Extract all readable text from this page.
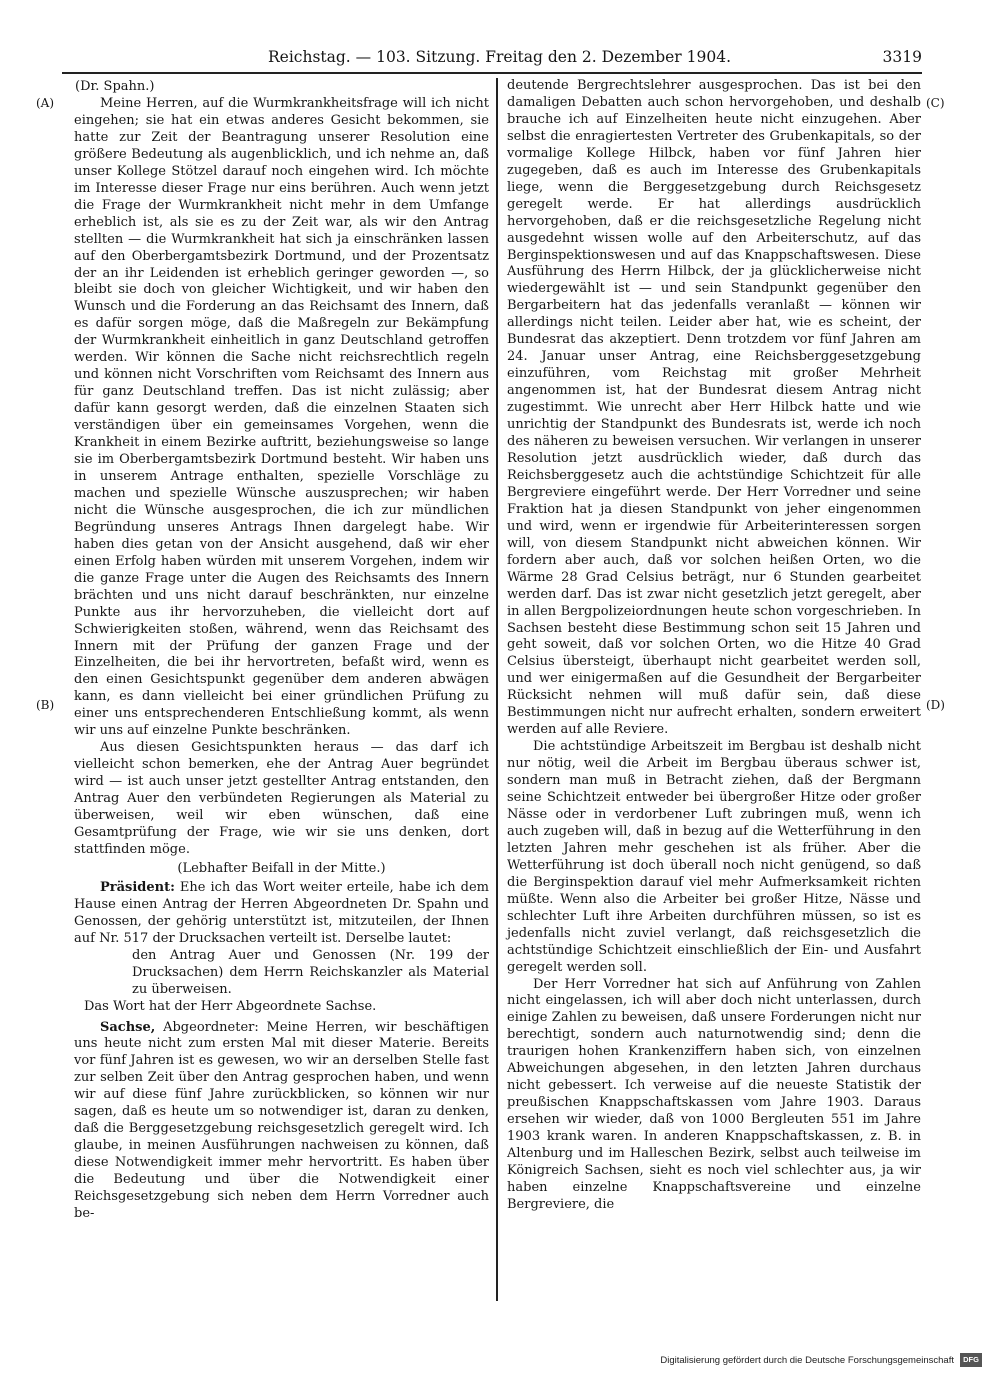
Reichstag. — 103. Sitzung. Freitag den 2. Dezember 1904.	3319
(A)
(B)
(C)
(D)
(Dr. Spahn.)

Meine Herren, auf die Wurmkrankheitsfrage will ich nicht eingehen; sie hat ein etwas anderes Gesicht bekommen, sie hatte zur Zeit der Beantragung unserer Resolution eine größere Bedeutung als augenblicklich, und ich nehme an, daß unser Kollege Stötzel darauf noch eingehen wird. Ich möchte im Interesse dieser Frage nur eins berühren. Auch wenn jetzt die Frage der Wurmkrankheit nicht mehr in dem Umfange erheblich ist, als sie es zu der Zeit war, als wir den Antrag stellten — die Wurmkrankheit hat sich ja einschränken lassen auf den Oberbergamtsbezirk Dortmund, und der Prozentsatz der an ihr Leidenden ist erheblich geringer geworden —, so bleibt sie doch von gleicher Wichtigkeit, und wir haben den Wunsch und die Forderung an das Reichsamt des Innern, daß es dafür sorgen möge, daß die Maßregeln zur Bekämpfung der Wurmkrankheit einheitlich in ganz Deutschland getroffen werden. Wir können die Sache nicht reichsrechtlich regeln und können nicht Vorschriften vom Reichsamt des Innern aus für ganz Deutschland treffen. Das ist nicht zulässig; aber dafür kann gesorgt werden, daß die einzelnen Staaten sich verständigen über ein gemeinsames Vorgehen, wenn die Krankheit in einem Bezirke auftritt, beziehungsweise so lange sie im Oberbergamtsbezirk Dortmund besteht. Wir haben uns in unserem Antrage enthalten, spezielle Vorschläge zu machen und spezielle Wünsche auszusprechen; wir haben nicht die Wünsche ausgesprochen, die ich zur mündlichen Begründung unseres Antrags Ihnen dargelegt habe. Wir haben dies getan von der Ansicht ausgehend, daß wir eher einen Erfolg haben würden mit unserem Vorgehen, indem wir die ganze Frage unter die Augen des Reichsamts des Innern brächten und uns nicht darauf beschränkten, nur einzelne Punkte aus ihr hervorzuheben, die vielleicht dort auf Schwierigkeiten stoßen, während, wenn das Reichsamt des Innern mit der Prüfung der ganzen Frage und der Einzelheiten, die bei ihr hervortreten, befaßt wird, wenn es den einen Gesichtspunkt gegenüber dem anderen abwägen kann, es dann vielleicht bei einer gründlichen Prüfung zu einer uns entsprechenderen Entschließung kommt, als wenn wir uns auf einzelne Punkte beschränken.

Aus diesen Gesichtspunkten heraus — das darf ich vielleicht schon bemerken, ehe der Antrag Auer begründet wird — ist auch unser jetzt gestellter Antrag entstanden, den Antrag Auer den verbündeten Regierungen als Material zu überweisen, weil wir eben wünschen, daß eine Gesamtprüfung der Frage, wie wir sie uns denken, dort stattfinden möge.

(Lebhafter Beifall in der Mitte.)

Präsident: Ehe ich das Wort weiter erteile, habe ich dem Hause einen Antrag der Herren Abgeordneten Dr. Spahn und Genossen, der gehörig unterstützt ist, mitzuteilen, der Ihnen auf Nr. 517 der Drucksachen verteilt ist. Derselbe lautet:

den Antrag Auer und Genossen (Nr. 199 der Drucksachen) dem Herrn Reichskanzler als Material zu überweisen.

Das Wort hat der Herr Abgeordnete Sachse.

Sachse, Abgeordneter: Meine Herren, wir beschäftigen uns heute nicht zum ersten Mal mit dieser Materie. Bereits vor fünf Jahren ist es gewesen, wo wir an derselben Stelle fast zur selben Zeit über den Antrag gesprochen haben, und wenn wir auf diese fünf Jahre zurückblicken, so können wir nur sagen, daß es heute um so notwendiger ist, daran zu denken, daß die Berggesetzgebung reichsgesetzlich geregelt wird. Ich glaube, in meinen Ausführungen nachweisen zu können, daß diese Notwendigkeit immer mehr hervortritt. Es haben über die Bedeutung und über die Notwendigkeit einer Reichsgesetzgebung sich neben dem Herrn Vorredner auch be-

deutende Bergrechtslehrer ausgesprochen. Das ist bei den damaligen Debatten auch schon hervorgehoben, und deshalb brauche ich auf Einzelheiten heute nicht einzugehen. Aber selbst die enragiertesten Vertreter des Grubenkapitals, so der vormalige Kollege Hilbck, haben vor fünf Jahren hier zugegeben, daß es auch im Interesse des Grubenkapitals liege, wenn die Berggesetzgebung durch Reichsgesetz geregelt werde. Er hat allerdings ausdrücklich hervorgehoben, daß er die reichsgesetzliche Regelung nicht ausgedehnt wissen wolle auf den Arbeiterschutz, auf das Berginspektionswesen und auf das Knappschaftswesen. Diese Ausführung des Herrn Hilbck, der ja glücklicherweise nicht wiedergewählt ist — und sein Standpunkt gegenüber den Bergarbeitern hat das jedenfalls veranlaßt — können wir allerdings nicht teilen. Leider aber hat, wie es scheint, der Bundesrat das akzeptiert. Denn trotzdem vor fünf Jahren am 24. Januar unser Antrag, eine Reichsberggesetzgebung einzuführen, vom Reichstag mit großer Mehrheit angenommen ist, hat der Bundesrat diesem Antrag nicht zugestimmt. Wie unrecht aber Herr Hilbck hatte und wie unrichtig der Standpunkt des Bundesrats ist, werde ich noch des näheren zu beweisen versuchen. Wir verlangen in unserer Resolution jetzt ausdrücklich wieder, daß durch das Reichsberggesetz auch die achtstündige Schichtzeit für alle Bergreviere eingeführt werde. Der Herr Vorredner und seine Fraktion hat ja diesen Standpunkt von jeher eingenommen und wird, wenn er irgendwie für Arbeiterinteressen sorgen will, von diesem Standpunkt nicht abweichen können. Wir fordern aber auch, daß vor solchen heißen Orten, wo die Wärme 28 Grad Celsius beträgt, nur 6 Stunden gearbeitet werden darf. Das ist zwar nicht gesetzlich jetzt geregelt, aber in allen Bergpolizeiordnungen heute schon vorgeschrieben. In Sachsen besteht diese Bestimmung schon seit 15 Jahren und geht soweit, daß vor solchen Orten, wo die Hitze 40 Grad Celsius übersteigt, überhaupt nicht gearbeitet werden soll, und wer einigermaßen auf die Gesundheit der Bergarbeiter Rücksicht nehmen will muß dafür sein, daß diese Bestimmungen nicht nur aufrecht erhalten, sondern erweitert werden auf alle Reviere.

Die achtstündige Arbeitszeit im Bergbau ist deshalb nicht nur nötig, weil die Arbeit im Bergbau überaus schwer ist, sondern man muß in Betracht ziehen, daß der Bergmann seine Schichtzeit entweder bei übergroßer Hitze oder großer Nässe oder in verdorbener Luft zubringen muß, wenn ich auch zugeben will, daß in bezug auf die Wetterführung in den letzten Jahren mehr geschehen ist als früher. Aber die Wetterführung ist doch überall noch nicht genügend, so daß die Berginspektion darauf viel mehr Aufmerksamkeit richten müßte. Wenn also die Arbeiter bei großer Hitze, Nässe und schlechter Luft ihre Arbeiten durchführen müssen, so ist es jedenfalls nicht zuviel verlangt, daß reichsgesetzlich die achtstündige Schichtzeit einschließlich der Ein- und Ausfahrt geregelt werden soll.

Der Herr Vorredner hat sich auf Anführung von Zahlen nicht eingelassen, ich will aber doch nicht unterlassen, durch einige Zahlen zu beweisen, daß unsere Forderungen nicht nur berechtigt, sondern auch naturnotwendig sind; denn die traurigen hohen Krankenziffern haben sich, von einzelnen Abweichungen abgesehen, in den letzten Jahren durchaus nicht gebessert. Ich verweise auf die neueste Statistik der preußischen Knappschaftskassen vom Jahre 1903. Daraus ersehen wir wieder, daß von 1000 Bergleuten 551 im Jahre 1903 krank waren. In anderen Knappschaftskassen, z. B. in Altenburg und im Halleschen Bezirk, selbst auch teilweise im Königreich Sachsen, sieht es noch viel schlechter aus, ja wir haben einzelne Knappschaftsvereine und einzelne Bergreviere, die

Digitalisierung gefördert durch die Deutsche Forschungsgemeinschaft	DFG
